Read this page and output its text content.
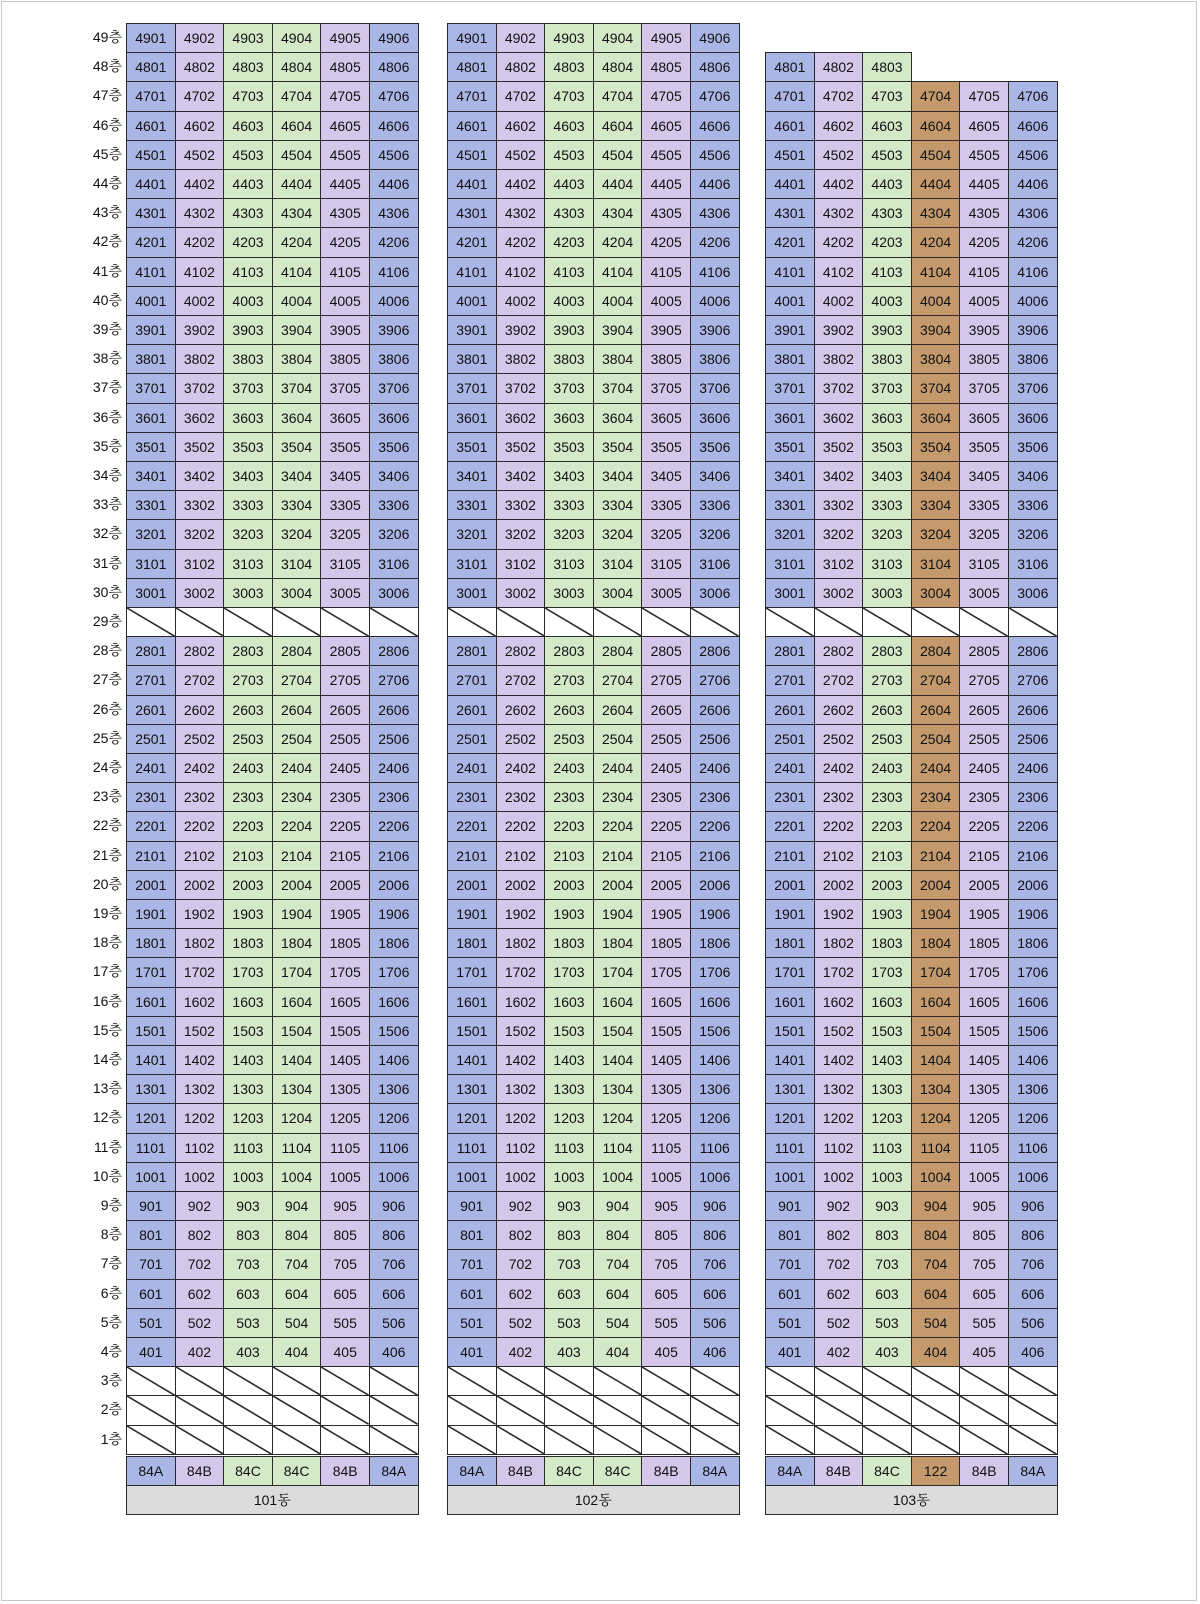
49층
48층
47층
46층
45층
44층
43층
42층
41층
40층
39층
38층
37층
36층
35층
34층
33층
32층
31층
30층
29층
28층
27층
26층
25층
24층
23층
22층
21층
20층
19층
18층
17층
16층
15층
14층
13층
12층
11층
10층
9층
8층
7층
6층
5층
4층
3층
2층
1층
4901
4801
4701
4601
4501
4401
4301
4201
4101
4001
3901
3801
3701
3601
3501
3401
3301
3201
3101
3001
2801
2701
2601
2501
2401
2301
2201
2101
2001
1901
1801
1701
1601
1501
1401
1301
1201
1101
1001
901
801
701
601
501
401
84A
4902
4802
4702
4602
4502
4402
4302
4202
4102
4002
3902
3802
3702
3602
3502
3402
3302
3202
3102
3002
2802
2702
2602
2502
2402
2302
2202
2102
2002
1902
1802
1702
1602
1502
1402
1302
1202
1102
1002
902
802
702
602
502
402
84B
4903
4803
4703
4603
4503
4403
4303
4203
4103
4003
3903
3803
3703
3603
3503
3403
3303
3203
3103
3003
2803
2703
2603
2503
2403
2303
2203
2103
2003
1903
1803
1703
1603
1503
1403
1303
1203
1103
1003
903
803
703
603
503
403
84C
4904
4804
4704
4604
4504
4404
4304
4204
4104
4004
3904
3804
3704
3604
3504
3404
3304
3204
3104
3004
2804
2704
2604
2504
2404
2304
2204
2104
2004
1904
1804
1704
1604
1504
1404
1304
1204
1104
1004
904
804
704
604
504
404
84C
4905
4805
4705
4605
4505
4405
4305
4205
4105
4005
3905
3805
3705
3605
3505
3405
3305
3205
3105
3005
2805
2705
2605
2505
2405
2305
2205
2105
2005
1905
1805
1705
1605
1505
1405
1305
1205
1105
1005
905
805
705
605
505
405
84B
4906
4806
4706
4606
4506
4406
4306
4206
4106
4006
3906
3806
3706
3606
3506
3406
3306
3206
3106
3006
2806
2706
2606
2506
2406
2306
2206
2106
2006
1906
1806
1706
1606
1506
1406
1306
1206
1106
1006
906
806
706
606
506
406
84A
101동
4901
4801
4701
4601
4501
4401
4301
4201
4101
4001
3901
3801
3701
3601
3501
3401
3301
3201
3101
3001
2801
2701
2601
2501
2401
2301
2201
2101
2001
1901
1801
1701
1601
1501
1401
1301
1201
1101
1001
901
801
701
601
501
401
84A
4902
4802
4702
4602
4502
4402
4302
4202
4102
4002
3902
3802
3702
3602
3502
3402
3302
3202
3102
3002
2802
2702
2602
2502
2402
2302
2202
2102
2002
1902
1802
1702
1602
1502
1402
1302
1202
1102
1002
902
802
702
602
502
402
84B
4903
4803
4703
4603
4503
4403
4303
4203
4103
4003
3903
3803
3703
3603
3503
3403
3303
3203
3103
3003
2803
2703
2603
2503
2403
2303
2203
2103
2003
1903
1803
1703
1603
1503
1403
1303
1203
1103
1003
903
803
703
603
503
403
84C
4904
4804
4704
4604
4504
4404
4304
4204
4104
4004
3904
3804
3704
3604
3504
3404
3304
3204
3104
3004
2804
2704
2604
2504
2404
2304
2204
2104
2004
1904
1804
1704
1604
1504
1404
1304
1204
1104
1004
904
804
704
604
504
404
84C
4905
4805
4705
4605
4505
4405
4305
4205
4105
4005
3905
3805
3705
3605
3505
3405
3305
3205
3105
3005
2805
2705
2605
2505
2405
2305
2205
2105
2005
1905
1805
1705
1605
1505
1405
1305
1205
1105
1005
905
805
705
605
505
405
84B
4906
4806
4706
4606
4506
4406
4306
4206
4106
4006
3906
3806
3706
3606
3506
3406
3306
3206
3106
3006
2806
2706
2606
2506
2406
2306
2206
2106
2006
1906
1806
1706
1606
1506
1406
1306
1206
1106
1006
906
806
706
606
506
406
84A
102동
4801
4701
4601
4501
4401
4301
4201
4101
4001
3901
3801
3701
3601
3501
3401
3301
3201
3101
3001
2801
2701
2601
2501
2401
2301
2201
2101
2001
1901
1801
1701
1601
1501
1401
1301
1201
1101
1001
901
801
701
601
501
401
84A
4802
4702
4602
4502
4402
4302
4202
4102
4002
3902
3802
3702
3602
3502
3402
3302
3202
3102
3002
2802
2702
2602
2502
2402
2302
2202
2102
2002
1902
1802
1702
1602
1502
1402
1302
1202
1102
1002
902
802
702
602
502
402
84B
4803
4703
4603
4503
4403
4303
4203
4103
4003
3903
3803
3703
3603
3503
3403
3303
3203
3103
3003
2803
2703
2603
2503
2403
2303
2203
2103
2003
1903
1803
1703
1603
1503
1403
1303
1203
1103
1003
903
803
703
603
503
403
84C
4704
4604
4504
4404
4304
4204
4104
4004
3904
3804
3704
3604
3504
3404
3304
3204
3104
3004
2804
2704
2604
2504
2404
2304
2204
2104
2004
1904
1804
1704
1604
1504
1404
1304
1204
1104
1004
904
804
704
604
504
404
122
4705
4605
4505
4405
4305
4205
4105
4005
3905
3805
3705
3605
3505
3405
3305
3205
3105
3005
2805
2705
2605
2505
2405
2305
2205
2105
2005
1905
1805
1705
1605
1505
1405
1305
1205
1105
1005
905
805
705
605
505
405
84B
4706
4606
4506
4406
4306
4206
4106
4006
3906
3806
3706
3606
3506
3406
3306
3206
3106
3006
2806
2706
2606
2506
2406
2306
2206
2106
2006
1906
1806
1706
1606
1506
1406
1306
1206
1106
1006
906
806
706
606
506
406
84A
103동
